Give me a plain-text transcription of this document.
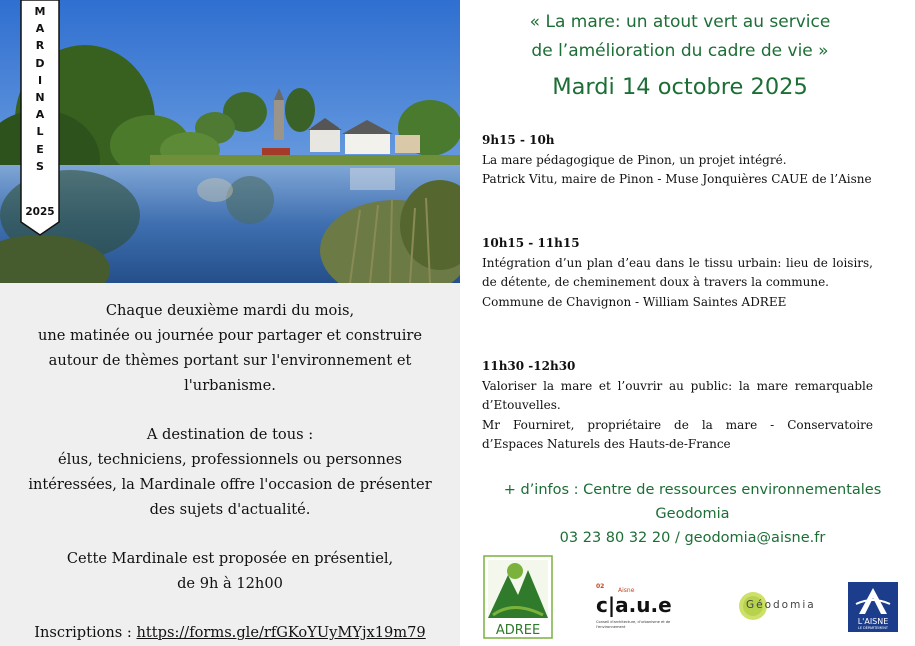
M
A
R
D
I
N
A
L
E
S
2025

Chaque deuxième mardi du mois,

une matinée ou journée pour partager et construire

autour de thèmes portant sur l'environnement et

l'urbanisme.

A destination de tous :

élus, techniciens, professionnels ou personnes

intéressées, la Mardinale offre l'occasion de présenter

des sujets d'actualité.

Cette Mardinale est proposée en présentiel,

de 9h à 12h00

Inscriptions : https://forms.gle/rfGKoYUyMYjx19m79

« La mare: un atout vert au service
de l’amélioration du cadre de vie »
Mardi 14 octobre 2025

9h15 - 10h

La mare pédagogique de Pinon, un projet intégré.

Patrick Vitu, maire de Pinon - Muse Jonquières CAUE de l’Aisne

10h15 - 11h15

Intégration d’un plan d’eau dans le tissu urbain: lieu de loisirs, de détente, de cheminement doux à travers la commune.

Commune de Chavignon - William Saintes ADREE

11h30 -12h30

Valoriser la mare et l’ouvrir au public: la mare remarquable d’Etouvelles.

Mr Fourniret, propriétaire de la mare - Conservatoire d’Espaces Naturels des Hauts-de-France

+ d’infos : Centre de ressources environnementales
Geodomia
03 23 80 32 20 / geodomia@aisne.fr
ADREE
02
Aisne
c|a.u.e
Conseil d'architecture, d'urbanisme et de l'environnement
Géodomia
L'AISNE
LE DÉPARTEMENT
